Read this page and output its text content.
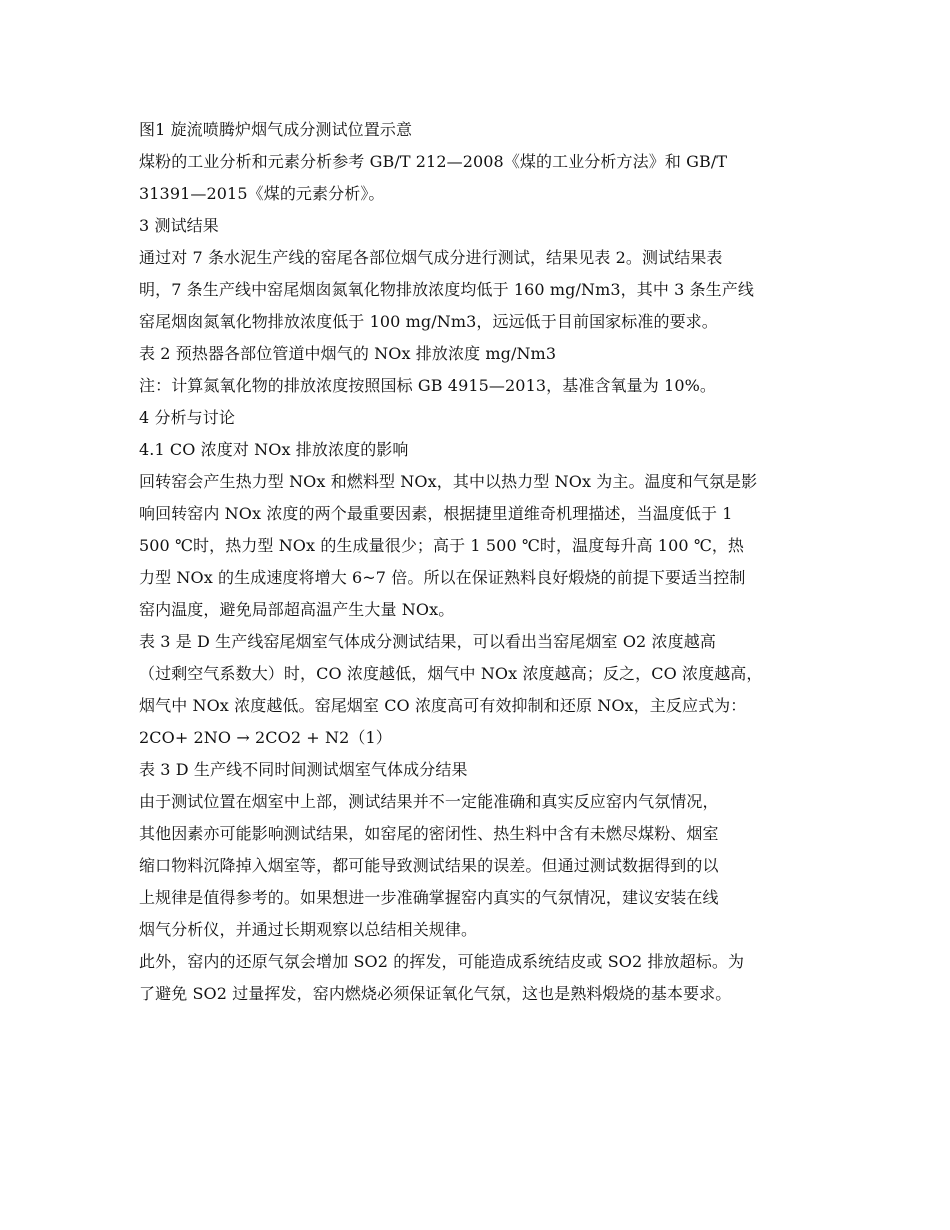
图1 旋流喷腾炉烟气成分测试位置示意
煤粉的工业分析和元素分析参考 GB/T 212—2008《煤的工业分析方法》和 GB/T
31391—2015《煤的元素分析》。
3 测试结果
通过对 7 条水泥生产线的窑尾各部位烟气成分进行测试，结果见表 2。测试结果表
明，7 条生产线中窑尾烟囱氮氧化物排放浓度均低于 160 mg/Nm3，其中 3 条生产线
窑尾烟囱氮氧化物排放浓度低于 100 mg/Nm3，远远低于目前国家标准的要求。
表 2 预热器各部位管道中烟气的 NOx 排放浓度 mg/Nm3
注：计算氮氧化物的排放浓度按照国标 GB 4915—2013，基准含氧量为 10%。
4 分析与讨论
4.1 CO 浓度对 NOx 排放浓度的影响
回转窑会产生热力型 NOx 和燃料型 NOx，其中以热力型 NOx 为主。温度和气氛是影
响回转窑内 NOx 浓度的两个最重要因素，根据捷里道维奇机理描述，当温度低于 1
500 ℃时，热力型 NOx 的生成量很少；高于 1 500 ℃时，温度每升高 100 ℃，热
力型 NOx 的生成速度将增大 6~7 倍。所以在保证熟料良好煅烧的前提下要适当控制
窑内温度，避免局部超高温产生大量 NOx。
表 3 是 D 生产线窑尾烟室气体成分测试结果，可以看出当窑尾烟室 O2 浓度越高
（过剩空气系数大）时，CO 浓度越低，烟气中 NOx 浓度越高；反之，CO 浓度越高，
烟气中 NOx 浓度越低。窑尾烟室 CO 浓度高可有效抑制和还原 NOx，主反应式为：
2CO+ 2NO → 2CO2 + N2（1）
表 3 D 生产线不同时间测试烟室气体成分结果
由于测试位置在烟室中上部，测试结果并不一定能准确和真实反应窑内气氛情况，
其他因素亦可能影响测试结果，如窑尾的密闭性、热生料中含有未燃尽煤粉、烟室
缩口物料沉降掉入烟室等，都可能导致测试结果的误差。但通过测试数据得到的以
上规律是值得参考的。如果想进一步准确掌握窑内真实的气氛情况，建议安装在线
烟气分析仪，并通过长期观察以总结相关规律。
此外，窑内的还原气氛会增加 SO2 的挥发，可能造成系统结皮或 SO2 排放超标。为
了避免 SO2 过量挥发，窑内燃烧必须保证氧化气氛，这也是熟料煅烧的基本要求。
